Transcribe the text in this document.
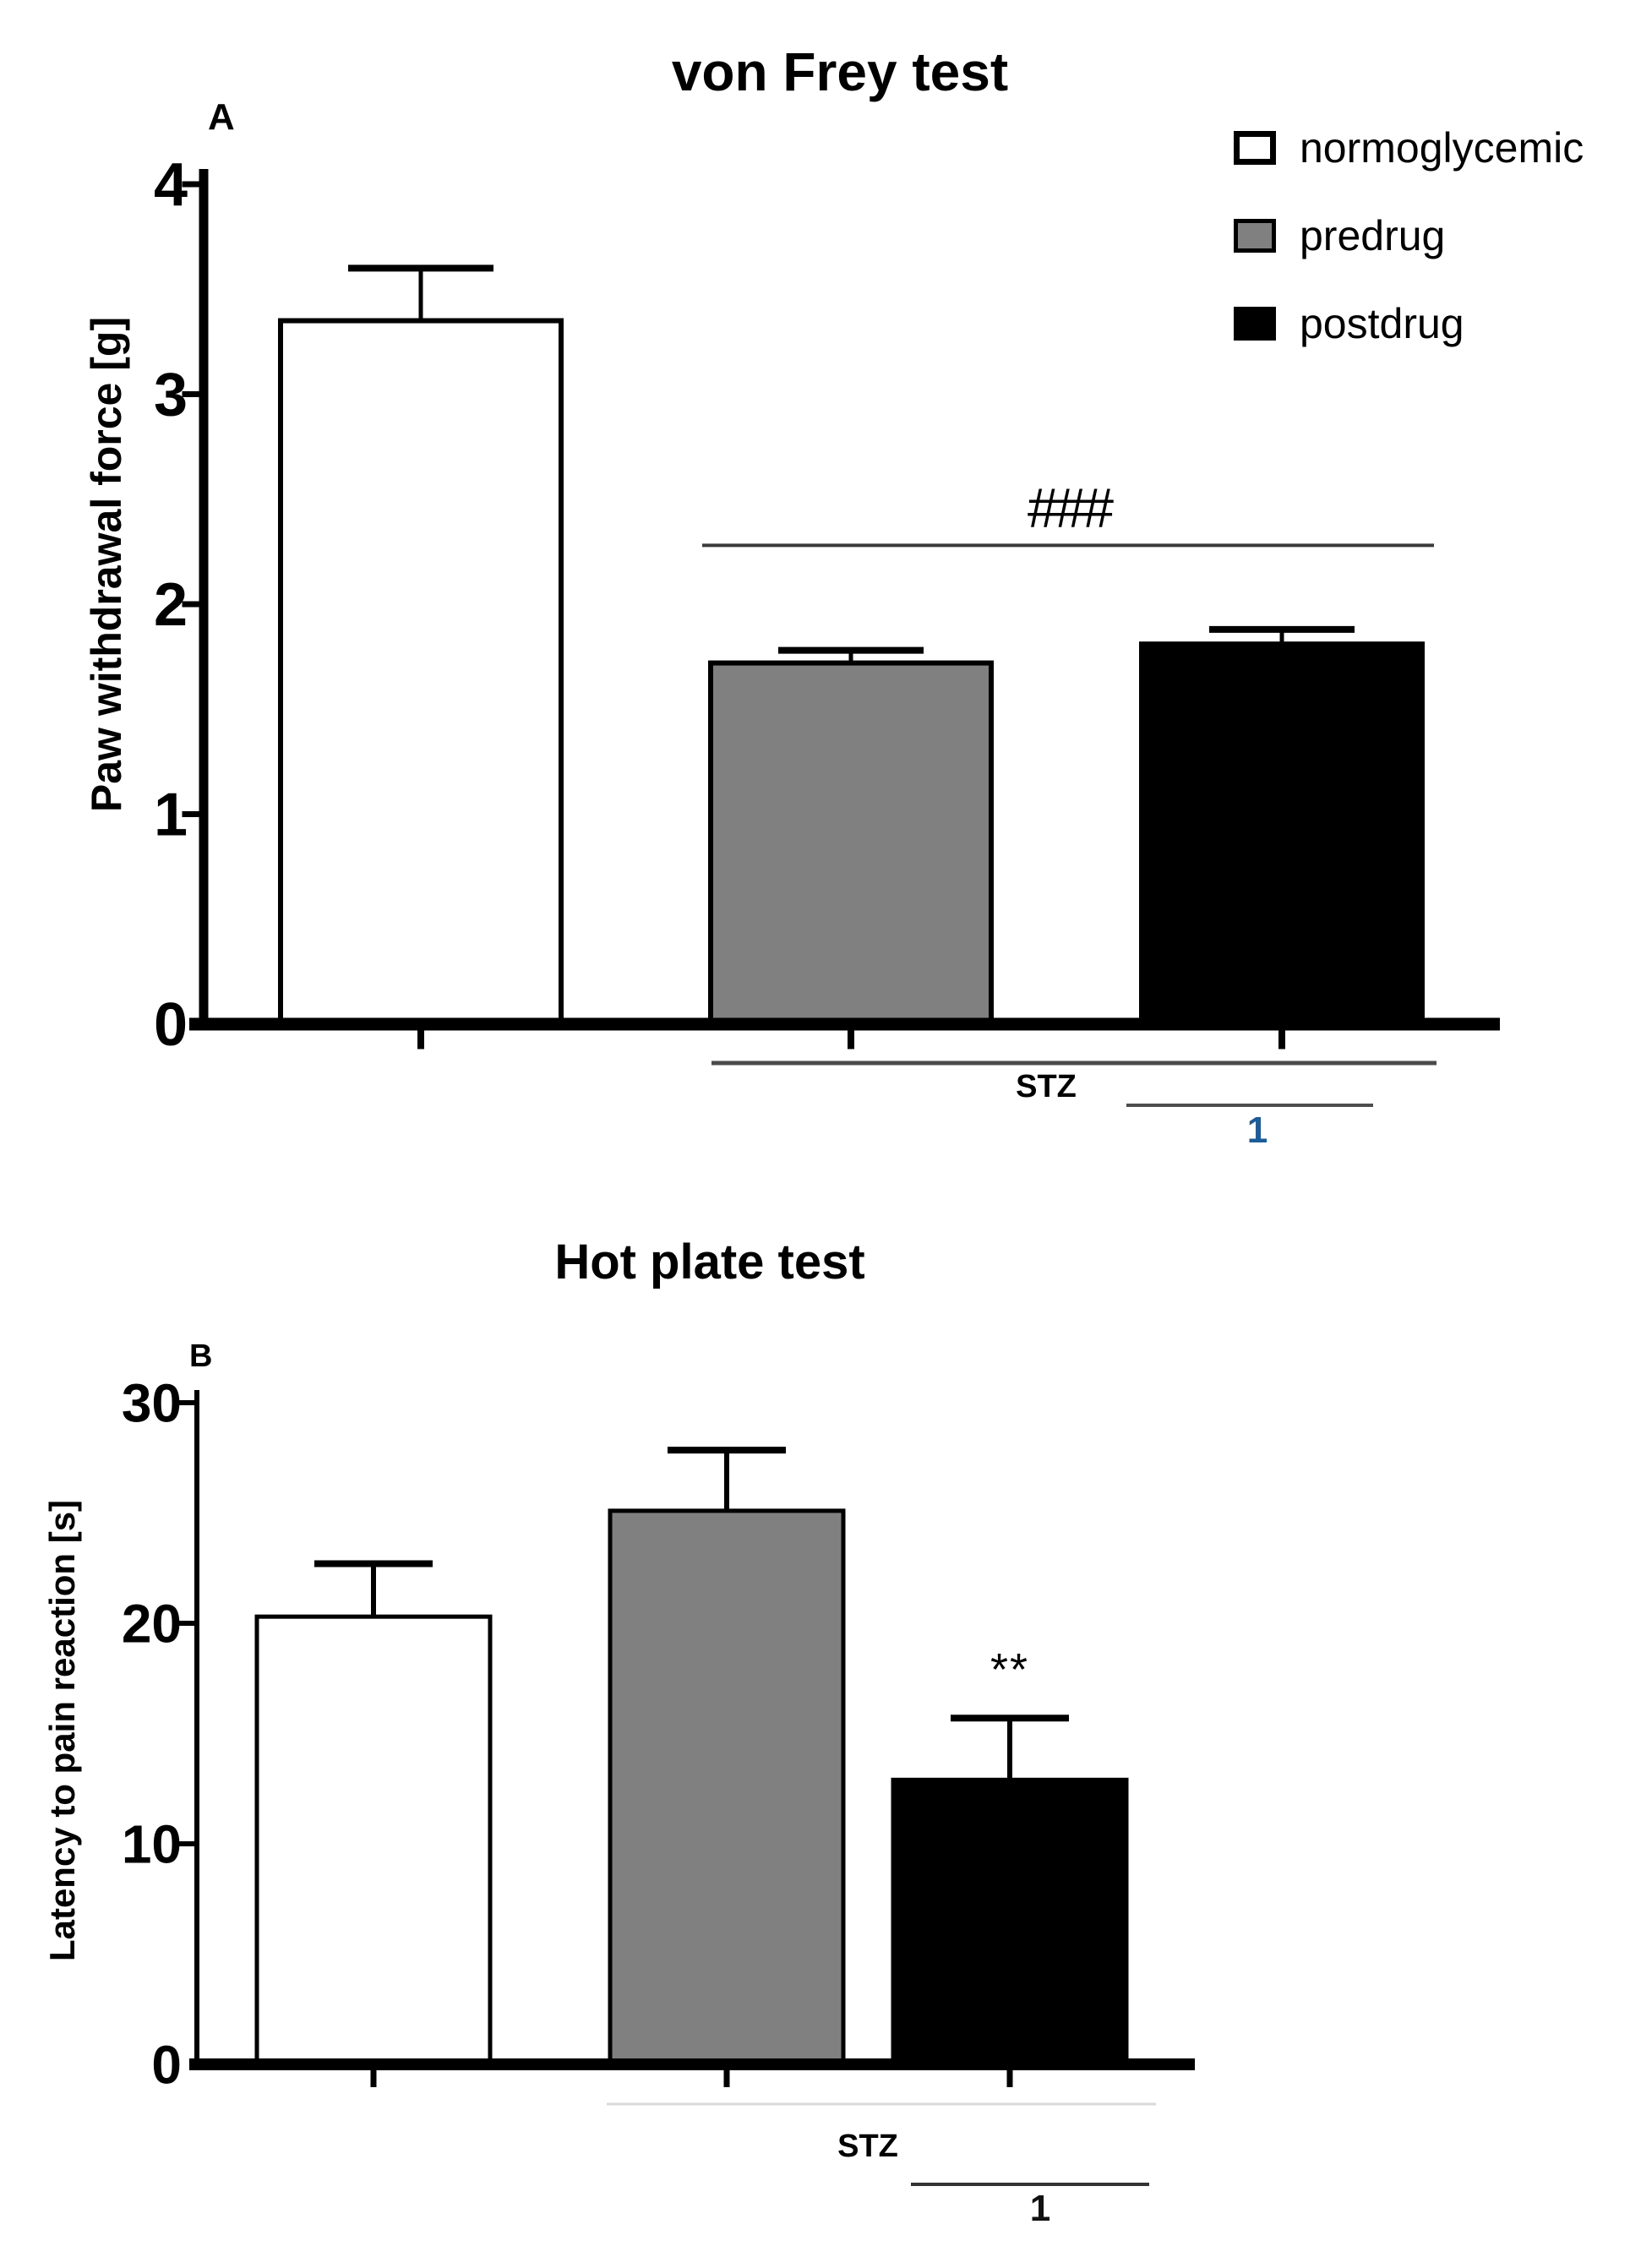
0
1
2
3
4
###
STZ
1
0
10
20
30
**
STZ
1
von Frey test
A
Paw withdrawal force [g]
normoglycemic
predrug
postdrug
Hot plate test
B
Latency to pain reaction [s]
